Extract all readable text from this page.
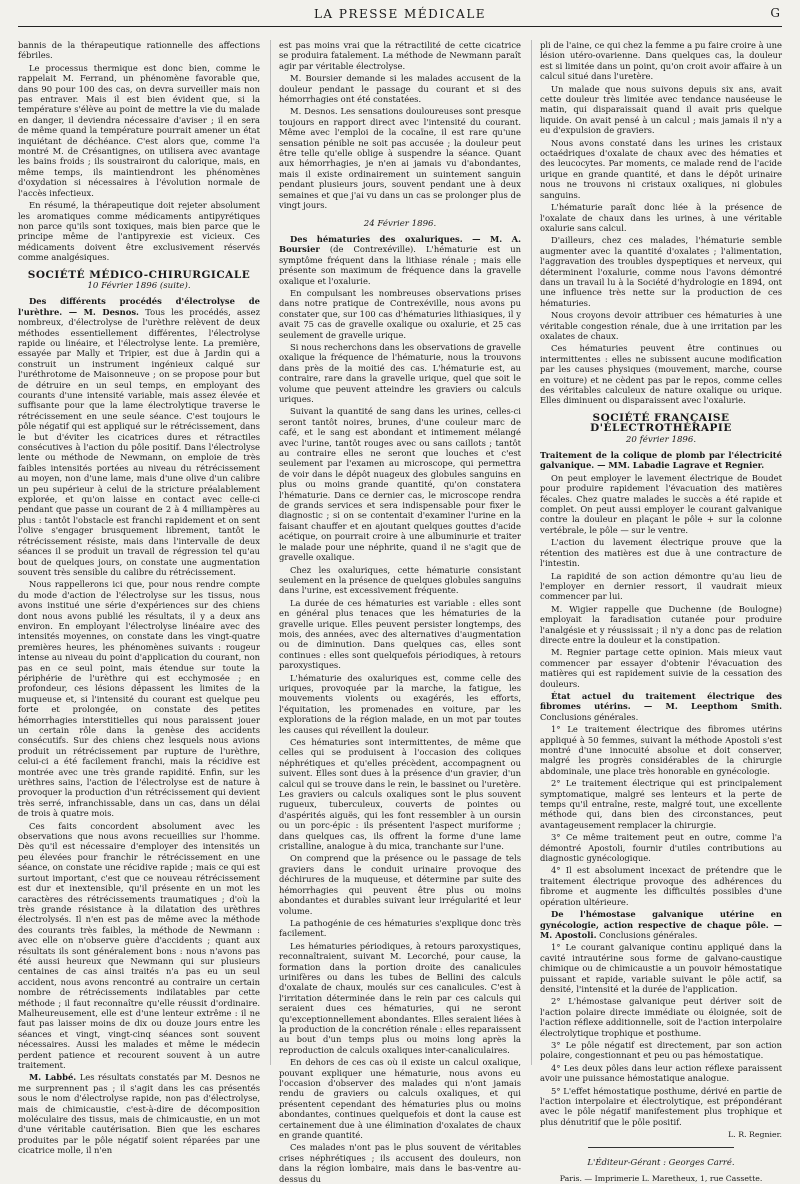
LA PRESSE MÉDICALE	G

bannis de la thérapeutique rationnelle des affections fébriles.

Le processus thermique est donc bien, comme le rappelait M. Ferrand, un phénomène favorable que, dans 90 pour 100 des cas, on devra surveiller mais non pas entraver. Mais il est bien évident que, si la température s'élève au point de mettre la vie du malade en danger, il deviendra nécessaire d'aviser ; il en sera de même quand la température pourrait amener un état inquiétant de déchéance. C'est alors que, comme l'a montré M. de Crésantignes, on utilisera avec avantage les bains froids ; ils soustrairont du calorique, mais, en même temps, ils maintiendront les phénomènes d'oxydation si nécessaires à l'évolution normale de l'accès infectieux.

En résumé, la thérapeutique doit rejeter absolument les aromatiques comme médicaments antipyrétiques non parce qu'ils sont toxiques, mais bien parce que le principe même de l'antipyrexie est vicieux. Ces médicaments doivent être exclusivement réservés comme analgésiques.

SOCIÉTÉ MÉDICO-CHIRURGICALE
10 Février 1896 (suite).

Des différents procédés d'électrolyse de l'urèthre. — M. Desnos. Tous les procédés, assez nombreux, d'électrolyse de l'urèthre relèvent de deux méthodes essentiellement différentes, l'électrolyse rapide ou linéaire, et l'électrolyse lente. La première, essayée par Mally et Tripier, est due à Jardin qui a construit un instrument ingénieux calqué sur l'uréthrotome de Maisonneuve ; on se propose pour but de détruire en un seul temps, en employant des courants d'une intensité variable, mais assez élevée et suffisante pour que la lame électrolytique traverse le rétrécissement en une seule séance. C'est toujours le pôle négatif qui est appliqué sur le rétrécissement, dans le but d'éviter les cicatrices dures et rétractiles consécutives à l'action du pôle positif. Dans l'électrolyse lente ou méthode de Newmann, on emploie de très faibles intensités portées au niveau du rétrécissement au moyen, non d'une lame, mais d'une olive d'un calibre un peu supérieur à celui de la stricture préalablement explorée, et qu'on laisse en contact avec celle-ci pendant que passe un courant de 2 à 4 milliampères au plus : tantôt l'obstacle est franchi rapidement et on sent l'olive s'engager brusquement librement, tantôt le rétrécissement résiste, mais dans l'intervalle de deux séances il se produit un travail de régression tel qu'au bout de quelques jours, on constate une augmentation souvent très sensible du calibre du rétrécissement.

Nous rappellerons ici que, pour nous rendre compte du mode d'action de l'électrolyse sur les tissus, nous avons institué une série d'expériences sur des chiens dont nous avons publié les résultats, il y a deux ans environ. En employant l'électrolyse linéaire avec des intensités moyennes, on constate dans les vingt-quatre premières heures, les phénomènes suivants : rougeur intense au niveau du point d'application du courant, non pas en ce seul point, mais étendue sur toute la périphérie de l'urèthre qui est ecchymosée ; en profondeur, ces lésions dépassent les limites de la muqueuse et, si l'intensité du courant est quelque peu forte et prolongée, on constate des petites hémorrhagies interstitielles qui nous paraissent jouer un certain rôle dans la genèse des accidents consécutifs. Sur des chiens chez lesquels nous avions produit un rétrécissement par rupture de l'urèthre, celui-ci a été facilement franchi, mais la récidive est montrée avec une très grande rapidité. Enfin, sur les urèthres sains, l'action de l'électrolyse est de nature à provoquer la production d'un rétrécissement qui devient très serré, infranchissable, dans un cas, dans un délai de trois à quatre mois.

Ces faits concordent absolument avec les observations que nous avons recueillies sur l'homme. Dès qu'il est nécessaire d'employer des intensités un peu élevées pour franchir le rétrécissement en une séance, on constate une récidive rapide ; mais ce qui est surtout important, c'est que ce nouveau rétrécissement est dur et inextensible, qu'il présente en un mot les caractères des rétrécissements traumatiques ; d'où la très grande résistance à la dilatation des urèthres électrolysés. Il n'en est pas de même avec la méthode des courants très faibles, la méthode de Newmann : avec elle on n'observe guère d'accidents ; quant aux résultats ils sont généralement bons : nous n'avons pas été aussi heureux que Newmann qui sur plusieurs centaines de cas ainsi traités n'a pas eu un seul accident, nous avons rencontré au contraire un certain nombre de rétrécissements indilatables par cette méthode ; il faut reconnaître qu'elle réussit d'ordinaire. Malheureusement, elle est d'une lenteur extrême : il ne faut pas laisser moins de dix ou douze jours entre les séances et vingt, vingt-cinq séances sont souvent nécessaires. Aussi les malades et même le médecin perdent patience et recourent souvent à un autre traitement.

M. Labbé. Les résultats constatés par M. Desnos ne me surprennent pas ; il s'agit dans les cas présentés sous le nom d'électrolyse rapide, non pas d'électrolyse, mais de chimicaustie, c'est-à-dire de décomposition moléculaire des tissus, mais de chimicaustie, en un mot d'une véritable cautérisation. Bien que les eschares produites par le pôle négatif soient réparées par une cicatrice molle, il n'en

est pas moins vrai que la rétractilité de cette cicatrice se produira fatalement. La méthode de Newmann paraît agir par véritable électrolyse.

M. Boursier demande si les malades accusent de la douleur pendant le passage du courant et si des hémorrhagies ont été constatées.

M. Desnos. Les sensations douloureuses sont presque toujours en rapport direct avec l'intensité du courant. Même avec l'emploi de la cocaïne, il est rare qu'une sensation pénible ne soit pas accusée ; la douleur peut être telle qu'elle oblige à suspendre la séance. Quant aux hémorrhagies, je n'en ai jamais vu d'abondantes, mais il existe ordinairement un suintement sanguin pendant plusieurs jours, souvent pendant une à deux semaines et que j'ai vu dans un cas se prolonger plus de vingt jours.

24 Février 1896.

Des hématuries des oxaluriques. — M. A. Boursier (de Contrexéville). L'hématurie est un symptôme fréquent dans la lithiase rénale ; mais elle présente son maximum de fréquence dans la gravelle oxalique et l'oxalurie.

En compulsant les nombreuses observations prises dans notre pratique de Contrexéville, nous avons pu constater que, sur 100 cas d'hématuries lithiasiques, il y avait 75 cas de gravelle oxalique ou oxalurie, et 25 cas seulement de gravelle urique.

Si nous recherchons dans les observations de gravelle oxalique la fréquence de l'hématurie, nous la trouvons dans près de la moitié des cas. L'hématurie est, au contraire, rare dans la gravelle urique, quel que soit le volume que peuvent atteindre les graviers ou calculs uriques.

Suivant la quantité de sang dans les urines, celles-ci seront tantôt noires, brunes, d'une couleur marc de café, et le sang est abondant et intimement mélangé avec l'urine, tantôt rouges avec ou sans caillots ; tantôt au contraire elles ne seront que louches et c'est seulement par l'examen au microscope, qui permettra de voir dans le dépôt nuageux des globules sanguins en plus ou moins grande quantité, qu'on constatera l'hématurie. Dans ce dernier cas, le microscope rendra de grands services et sera indispensable pour fixer le diagnostic ; si on se contentait d'examiner l'urine en la faisant chauffer et en ajoutant quelques gouttes d'acide acétique, on pourrait croire à une albuminurie et traiter le malade pour une néphrite, quand il ne s'agit que de gravelle oxalique.

Chez les oxaluriques, cette hématurie consistant seulement en la présence de quelques globules sanguins dans l'urine, est excessivement fréquente.

La durée de ces hématuries est variable : elles sont en général plus tenaces que les hématuries de la gravelle urique. Elles peuvent persister longtemps, des mois, des années, avec des alternatives d'augmentation ou de diminution. Dans quelques cas, elles sont continues : elles sont quelquefois périodiques, à retours paroxystiques.

L'hématurie des oxaluriques est, comme celle des uriques, provoquée par la marche, la fatigue, les mouvements violents ou exagérés, les efforts, l'équitation, les promenades en voiture, par les explorations de la région malade, en un mot par toutes les causes qui réveillent la douleur.

Ces hématuries sont intermittentes, de même que celles qui se produisent à l'occasion des coliques néphrétiques et qu'elles précèdent, accompagnent ou suivent. Elles sont dues à la présence d'un gravier, d'un calcul qui se trouve dans le rein, le bassinet ou l'uretère. Les graviers ou calculs oxaliques sont le plus souvent rugueux, tuberculeux, couverts de pointes ou d'aspérités aiguës, qui les font ressembler à un oursin ou un porc-épic : ils présentent l'aspect muriforme ; dans quelques cas, ils offrent la forme d'une lame cristalline, analogue à du mica, tranchante sur l'une.

On comprend que la présence ou le passage de tels graviers dans le conduit urinaire provoque des déchirures de la muqueuse, et détermine par suite des hémorrhagies qui peuvent être plus ou moins abondantes et durables suivant leur irrégularité et leur volume.

La pathogénie de ces hématuries s'explique donc très facilement.

Les hématuries périodiques, à retours paroxystiques, reconnaîtraient, suivant M. Lecorché, pour cause, la formation dans la portion droite des canalicules urinifères ou dans les tubes de Bellini des calculs d'oxalate de chaux, moulés sur ces canalicules. C'est à l'irritation déterminée dans le rein par ces calculs qui seraient dues ces hématuries, qui ne seront qu'exceptionnellement abondantes. Elles seraient liées à la production de la concrétion rénale : elles reparaissent au bout d'un temps plus ou moins long après la reproduction de calculs oxaliques inter-canaliculaires.

En dehors de ces cas où il existe un calcul oxalique, pouvant expliquer une hématurie, nous avons eu l'occasion d'observer des malades qui n'ont jamais rendu de graviers ou calculs oxaliques, et qui présentent cependant des hématuries plus ou moins abondantes, continues quelquefois et dont la cause est certainement due à une élimination d'oxalates de chaux en grande quantité.

Ces malades n'ont pas le plus souvent de véritables crises néphrétiques ; ils accusent des douleurs, non dans la région lombaire, mais dans le bas-ventre au-dessus du

pli de l'aine, ce qui chez la femme a pu faire croire à une lésion utéro-ovarienne. Dans quelques cas, la douleur est si limitée dans un point, qu'on croit avoir affaire à un calcul situé dans l'uretère.

Un malade que nous suivons depuis six ans, avait cette douleur très limitée avec tendance nauséeuse le matin, qui disparaissait quand il avait pris quelque liquide. On avait pensé à un calcul ; mais jamais il n'y a eu d'expulsion de graviers.

Nous avons constaté dans les urines les cristaux octaédriques d'oxalate de chaux avec des hématies et des leucocytes. Par moments, ce malade rend de l'acide urique en grande quantité, et dans le dépôt urinaire nous ne trouvons ni cristaux oxaliques, ni globules sanguins.

L'hématurie paraît donc liée à la présence de l'oxalate de chaux dans les urines, à une véritable oxalurie sans calcul.

D'ailleurs, chez ces malades, l'hématurie semble augmenter avec la quantité d'oxalates ; l'alimentation, l'aggravation des troubles dyspeptiques et nerveux, qui déterminent l'oxalurie, comme nous l'avons démontré dans un travail lu à la Société d'hydrologie en 1894, ont une influence très nette sur la production de ces hématuries.

Nous croyons devoir attribuer ces hématuries à une véritable congestion rénale, due à une irritation par les oxalates de chaux.

Ces hématuries peuvent être continues ou intermittentes : elles ne subissent aucune modification par les causes physiques (mouvement, marche, course en voiture) et ne cèdent pas par le repos, comme celles des véritables calculeux de nature oxalique ou urique. Elles diminuent ou disparaissent avec l'oxalurie.

SOCIÉTÉ FRANÇAISE D'ÉLECTROTHÉRAPIE
20 février 1896.

Traitement de la colique de plomb par l'électricité galvanique. — MM. Labadie Lagrave et Regnier.

On peut employer le lavement électrique de Boudet pour produire rapidement l'évacuation des matières fécales. Chez quatre malades le succès a été rapide et complet. On peut aussi employer le courant galvanique contre la douleur en plaçant le pôle + sur la colonne vertébrale, le pôle — sur le ventre.

L'action du lavement électrique prouve que la rétention des matières est due à une contracture de l'intestin.

La rapidité de son action démontre qu'au lieu de l'employer en dernier ressort, il vaudrait mieux commencer par lui.

M. Wigier rappelle que Duchenne (de Boulogne) employait la faradisation cutanée pour produire l'analgésie et y réussissait ; il n'y a donc pas de relation directe entre la douleur et la constipation.

M. Regnier partage cette opinion. Mais mieux vaut commencer par essayer d'obtenir l'évacuation des matières qui est rapidement suivie de la cessation des douleurs.

État actuel du traitement électrique des fibromes utérins. — M. Leepthom Smith. Conclusions générales.

1° Le traitement électrique des fibromes utérins appliqué à 50 femmes, suivant la méthode Apostoli s'est montré d'une innocuité absolue et doit conserver, malgré les progrès considérables de la chirurgie abdominale, une place très honorable en gynécologie.

2° Le traitement électrique qui est principalement symptomatique, malgré ses lenteurs et la perte de temps qu'il entraîne, reste, malgré tout, une excellente méthode qui, dans bien des circonstances, peut avantageusement remplacer la chirurgie.

3° Ce même traitement peut en outre, comme l'a démontré Apostoli, fournir d'utiles contributions au diagnostic gynécologique.

4° Il est absolument incexact de prétendre que le traitement électrique provoque des adhérences du fibrome et augmente les difficultés possibles d'une opération ultérieure.

De l'hémostase galvanique utérine en gynécologie, action respective de chaque pôle. — M. Apostoli. Conclusions générales.

1° Le courant galvanique continu appliqué dans la cavité intrautérine sous forme de galvano-caustique chimique ou de chimicaustie a un pouvoir hémostatique puissant et rapide, variable suivant le pôle actif, sa densité, l'intensité et la durée de l'application.

2° L'hémostase galvanique peut dériver soit de l'action polaire directe immédiate ou éloignée, soit de l'action réflexe additionnelle, soit de l'action interpolaire électrolytique trophique et posthume.

3° Le pôle négatif est directement, par son action polaire, congestionnant et peu ou pas hémostatique.

4° Les deux pôles dans leur action réflexe paraissent avoir une puissance hémostatique analogue.

5° L'effet hémostatique posthume, dérivé en partie de l'action interpolaire et électrolytique, est prépondérant avec le pôle négatif manifestement plus trophique et plus dénutritif que le pôle positif.

L. R. Regnier.
L'Éditeur-Gérant : Georges Carré.
Paris. — Imprimerie L. Maretheux, 1, rue Cassette.
